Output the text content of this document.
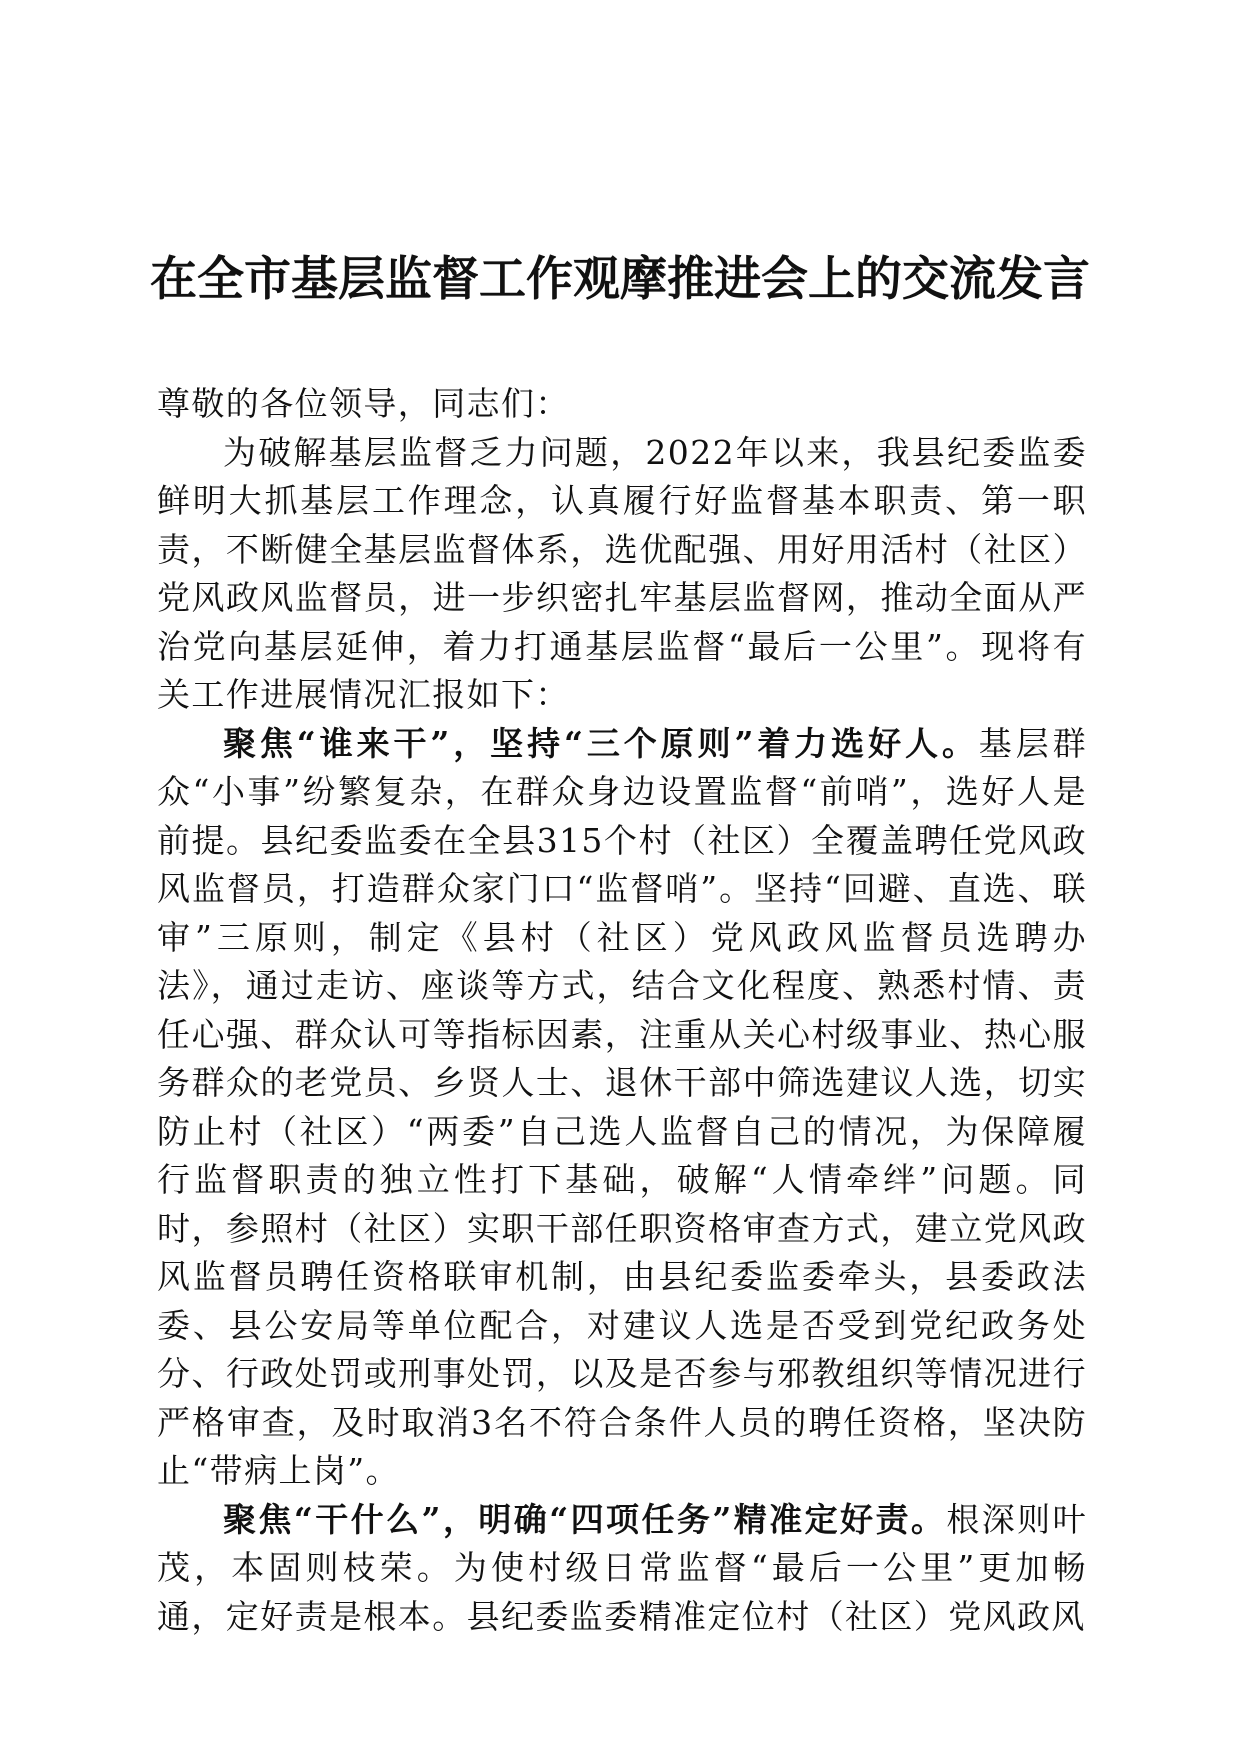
在全市基层监督工作观摩推进会上的交流发言

尊敬的各位领导，同志们：

为破解基层监督乏力问题，2022年以来，我县纪委监委鲜明大抓基层工作理念，认真履行好监督基本职责、第一职责，不断健全基层监督体系，选优配强、用好用活村（社区）党风政风监督员，进一步织密扎牢基层监督网，推动全面从严治党向基层延伸，着力打通基层监督“最后一公里”。现将有关工作进展情况汇报如下：

聚焦“谁来干”，坚持“三个原则”着力选好人。基层群众“小事”纷繁复杂，在群众身边设置监督“前哨”，选好人是前提。县纪委监委在全县315个村（社区）全覆盖聘任党风政风监督员，打造群众家门口“监督哨”。坚持“回避、直选、联审”三原则，制定《县村（社区）党风政风监督员选聘办法》，通过走访、座谈等方式，结合文化程度、熟悉村情、责任心强、群众认可等指标因素，注重从关心村级事业、热心服务群众的老党员、乡贤人士、退休干部中筛选建议人选，切实防止村（社区）“两委”自己选人监督自己的情况，为保障履行监督职责的独立性打下基础，破解“人情牵绊”问题。同时，参照村（社区）实职干部任职资格审查方式，建立党风政风监督员聘任资格联审机制，由县纪委监委牵头，县委政法委、县公安局等单位配合，对建议人选是否受到党纪政务处分、行政处罚或刑事处罚，以及是否参与邪教组织等情况进行严格审查，及时取消3名不符合条件人员的聘任资格，坚决防止“带病上岗”。

聚焦“干什么”，明确“四项任务”精准定好责。根深则叶茂，本固则枝荣。为使村级日常监督“最后一公里”更加畅通，定好责是根本。县纪委监委精准定位村（社区）党风政风
